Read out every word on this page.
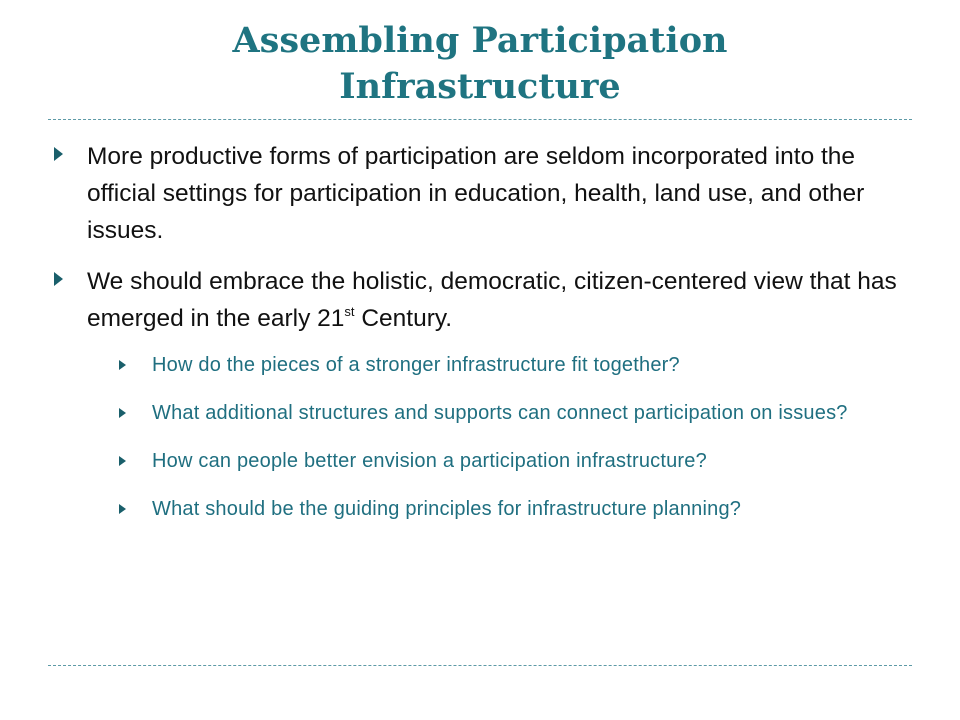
Assembling Participation
Infrastructure
More productive forms of participation are seldom incorporated into the official settings for participation in education, health, land use, and other issues.
We should embrace the holistic, democratic, citizen-centered view that has emerged in the early 21st Century.
How do the pieces of a stronger infrastructure fit together?
What additional structures and supports can connect participation on issues?
How can people better envision a participation infrastructure?
What should be the guiding principles for infrastructure planning?
